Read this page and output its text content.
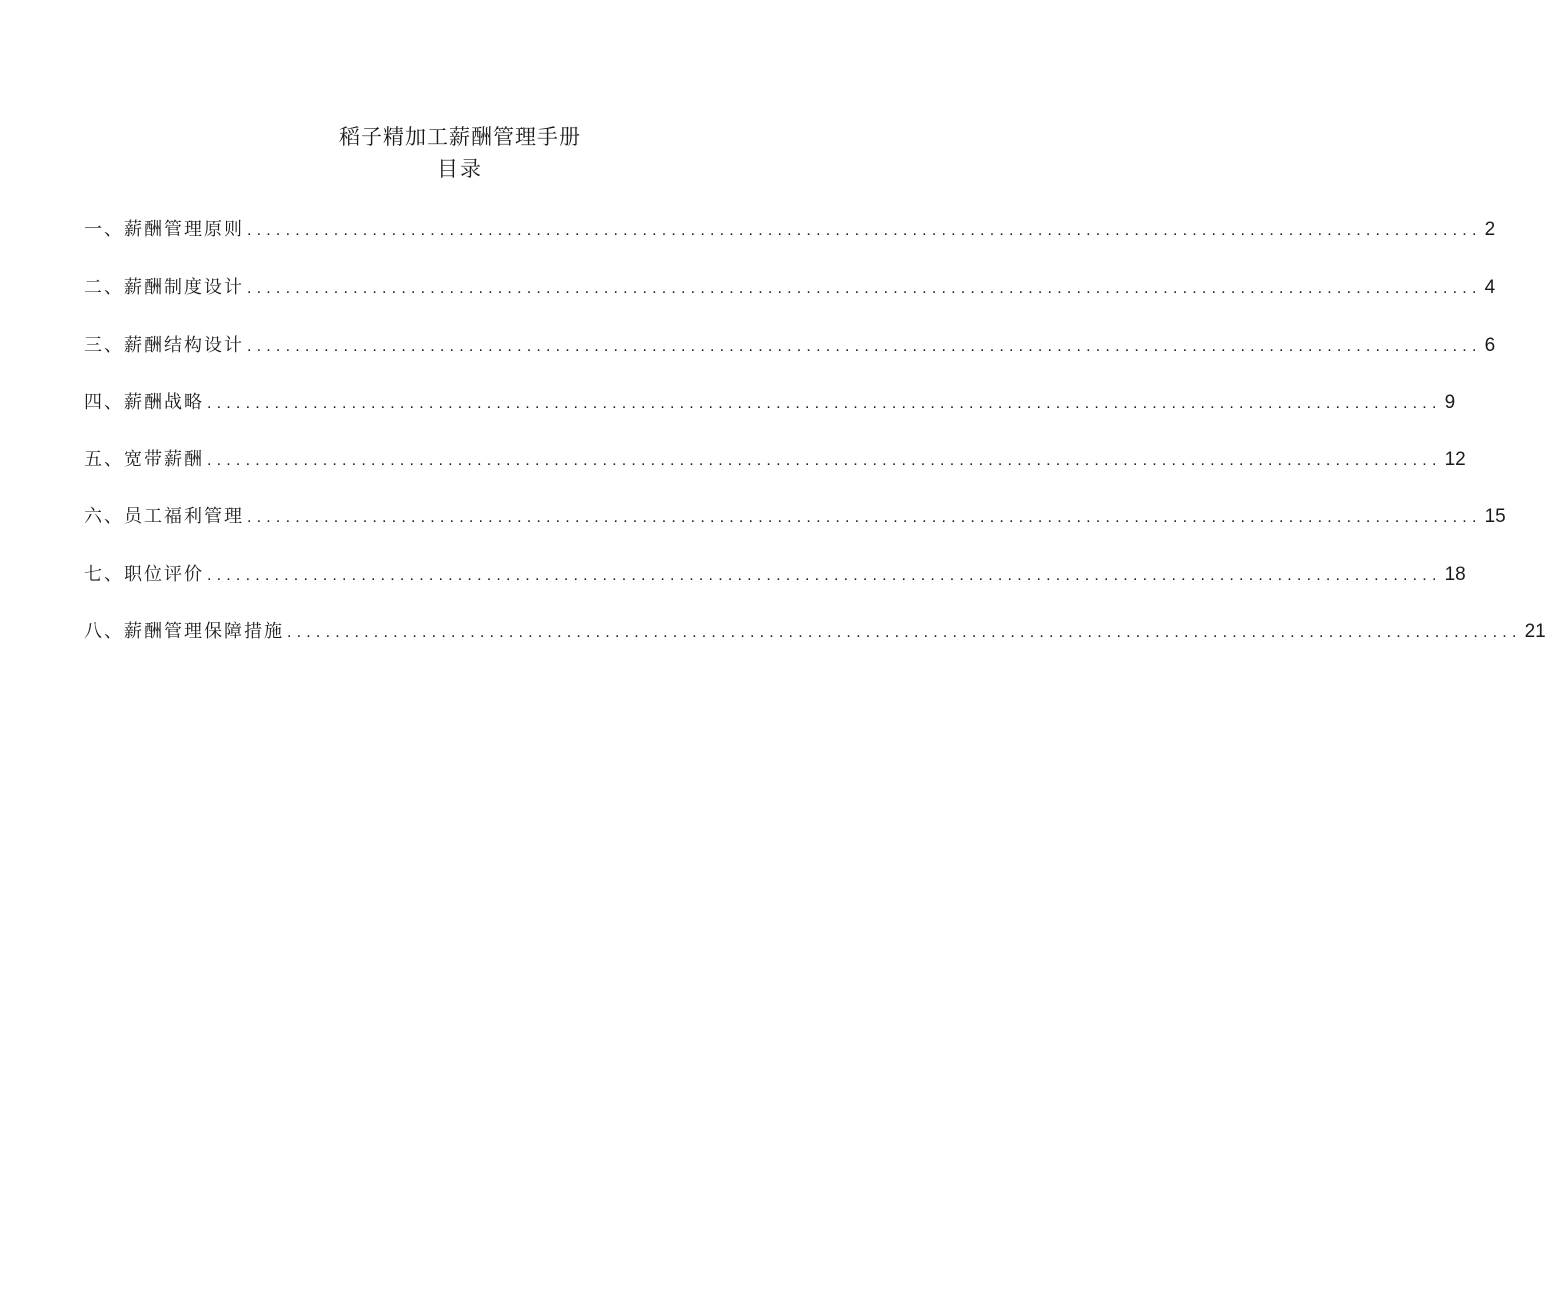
稻子精加工薪酬管理手册
目录
一、薪酬管理原则 ................................................................................................................................ 2
二、薪酬制度设计 ................................................................................................................................ 4
三、薪酬结构设计 ................................................................................................................................ 6
四、薪酬战略 ................................................................................................................................ 9
五、宽带薪酬 ................................................................................................................................ 12
六、员工福利管理 ................................................................................................................................ 15
七、职位评价 ................................................................................................................................ 18
八、薪酬管理保障措施 ................................................................................................................................ 21
